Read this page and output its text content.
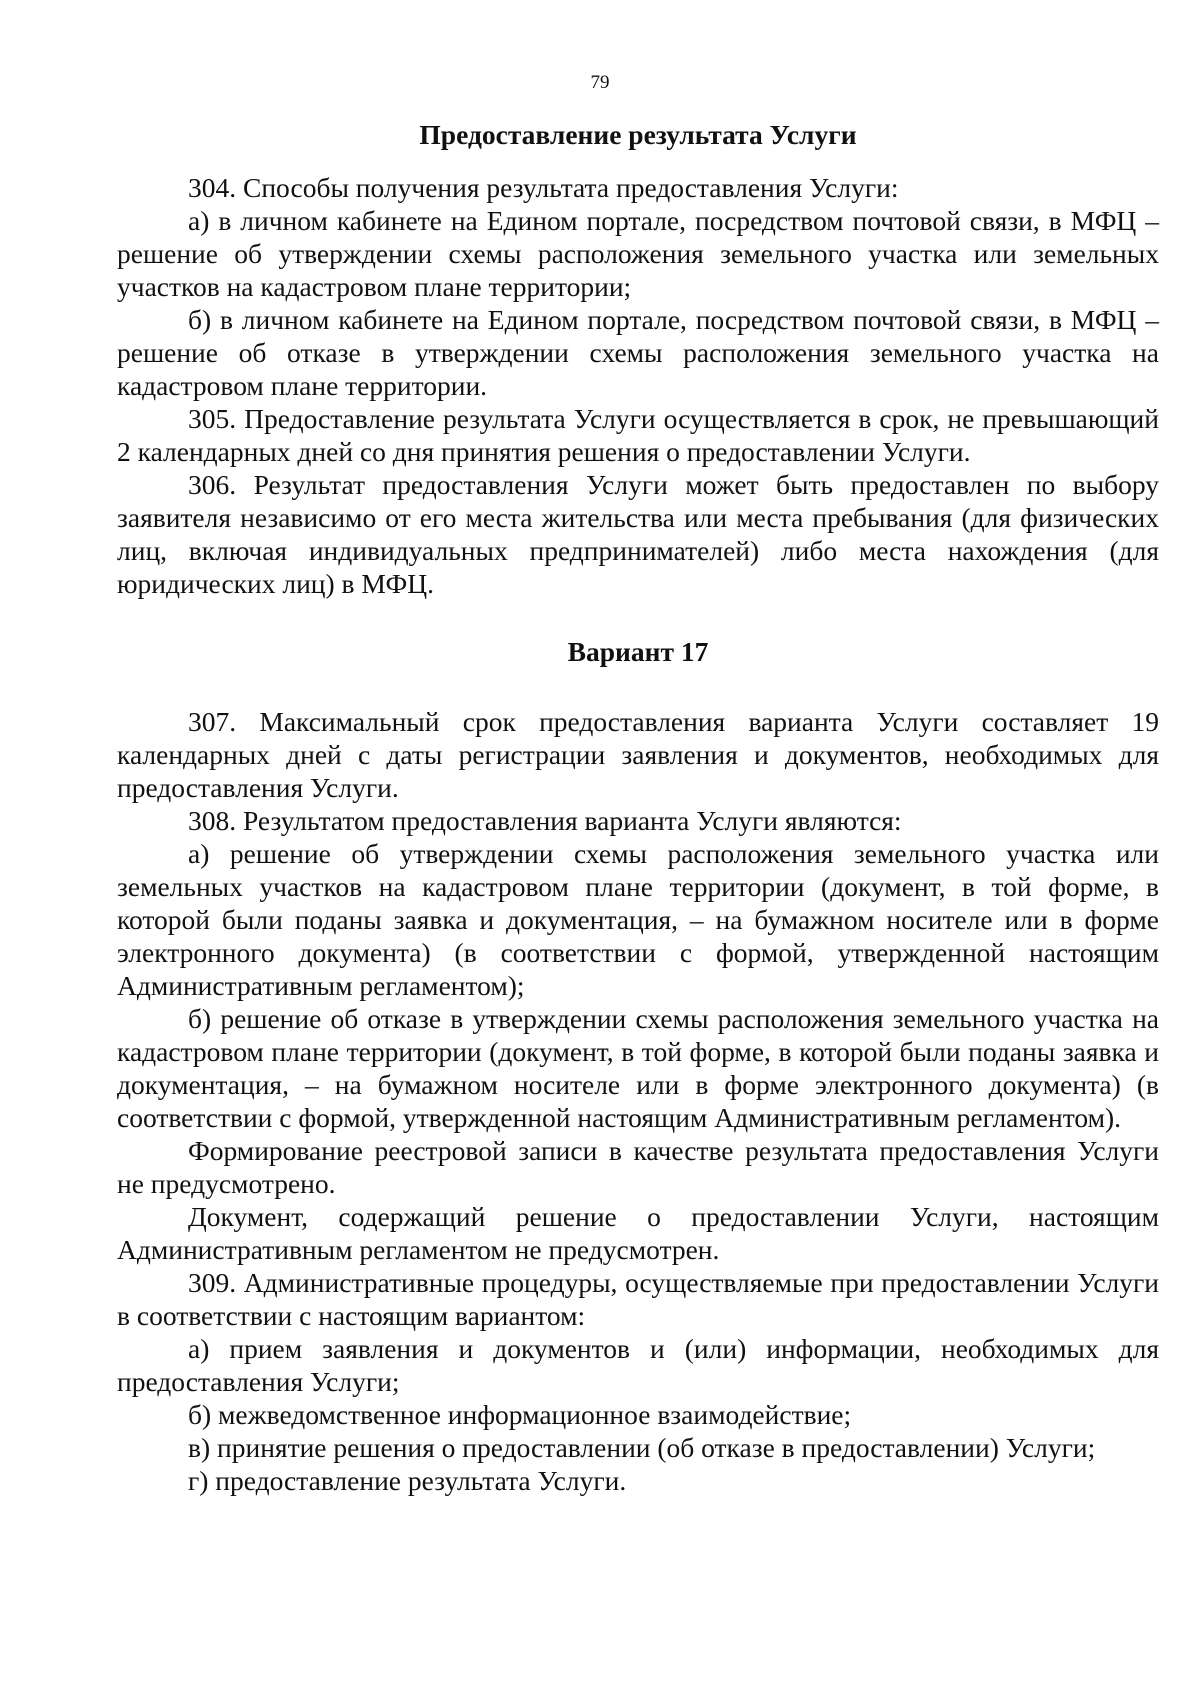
79
Предоставление результата Услуги

304. Способы получения результата предоставления Услуги:

а) в личном кабинете на Едином портале, посредством почтовой связи, в МФЦ – решение об утверждении схемы расположения земельного участка или земельных участков на кадастровом плане территории;

б) в личном кабинете на Едином портале, посредством почтовой связи, в МФЦ – решение об отказе в утверждении схемы расположения земельного участка на кадастровом плане территории.

305. Предоставление результата Услуги осуществляется в срок, не превышающий 2 календарных дней со дня принятия решения о предоставлении Услуги.

306. Результат предоставления Услуги может быть предоставлен по выбору заявителя независимо от его места жительства или места пребывания (для физических лиц, включая индивидуальных предпринимателей) либо места нахождения (для юридических лиц) в МФЦ.

Вариант 17

307. Максимальный срок предоставления варианта Услуги составляет 19 календарных дней с даты регистрации заявления и документов, необходимых для предоставления Услуги.

308. Результатом предоставления варианта Услуги являются:

а) решение об утверждении схемы расположения земельного участка или земельных участков на кадастровом плане территории (документ, в той форме, в которой были поданы заявка и документация, – на бумажном носителе или в форме электронного документа) (в соответствии с формой, утвержденной настоящим Административным регламентом);

б) решение об отказе в утверждении схемы расположения земельного участка на кадастровом плане территории (документ, в той форме, в которой были поданы заявка и документация, – на бумажном носителе или в форме электронного документа) (в соответствии с формой, утвержденной настоящим Административным регламентом).

Формирование реестровой записи в качестве результата предоставления Услуги не предусмотрено.

Документ, содержащий решение о предоставлении Услуги, настоящим Административным регламентом не предусмотрен.

309. Административные процедуры, осуществляемые при предоставлении Услуги в соответствии с настоящим вариантом:

а) прием заявления и документов и (или) информации, необходимых для предоставления Услуги;

б) межведомственное информационное взаимодействие;

в) принятие решения о предоставлении (об отказе в предоставлении) Услуги;

г) предоставление результата Услуги.
